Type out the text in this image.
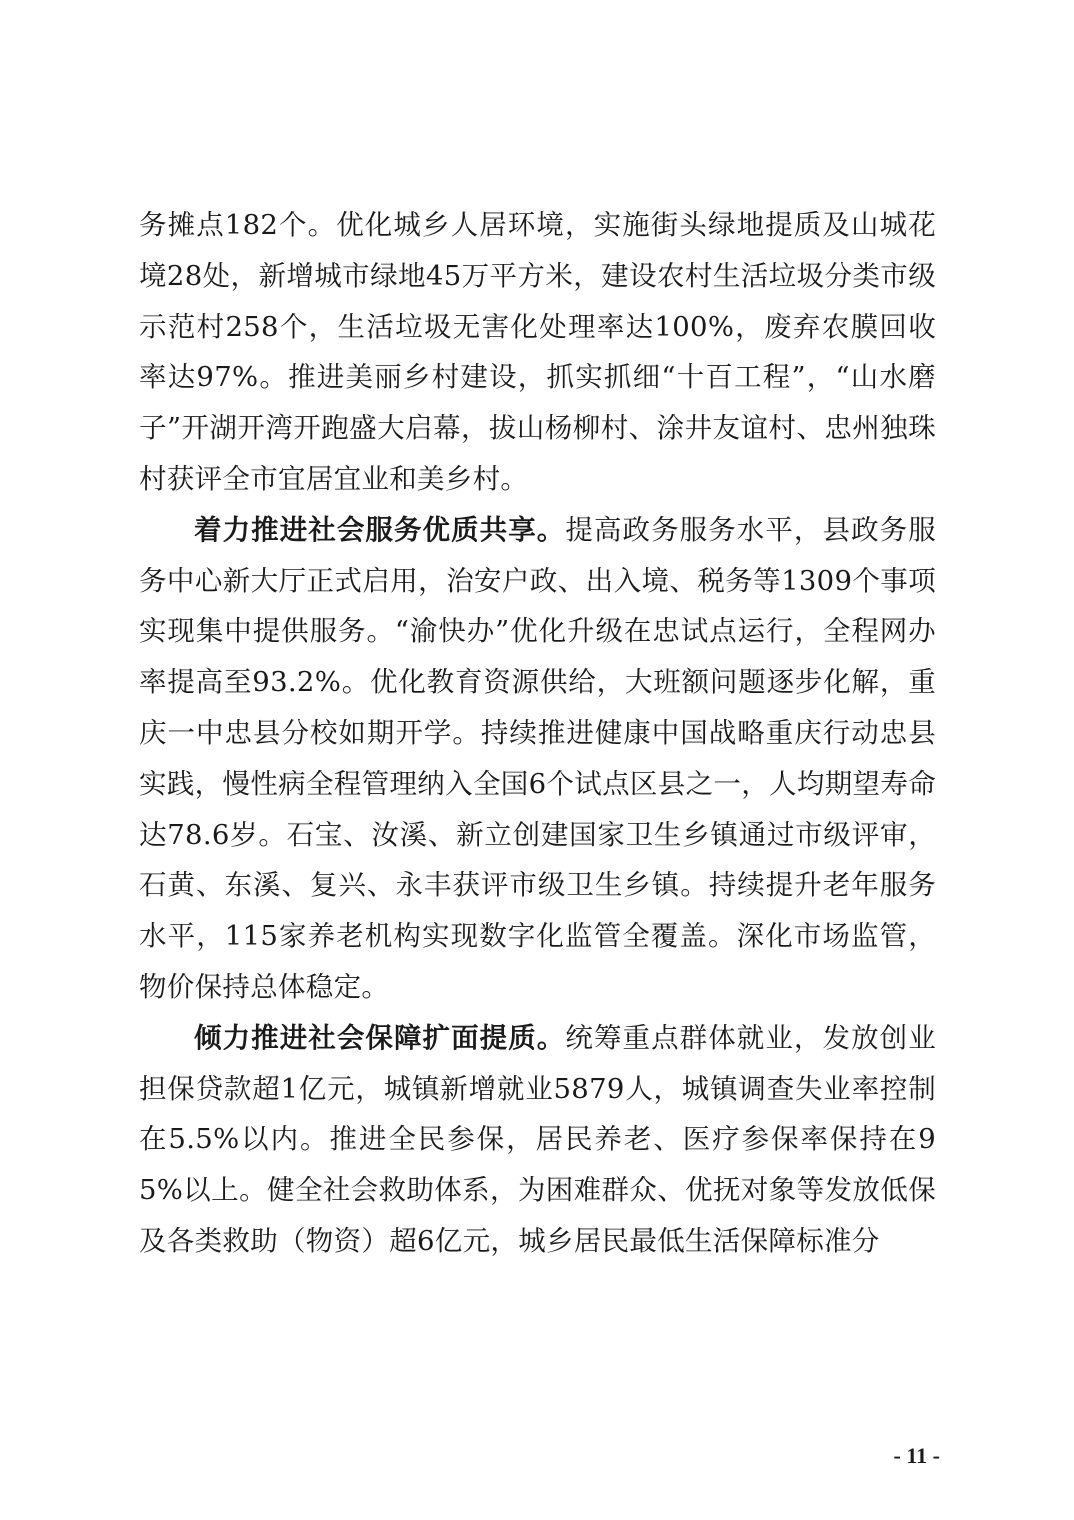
务摊点182个。优化城乡人居环境，实施街头绿地提质及山城花境28处，新增城市绿地45万平方米，建设农村生活垃圾分类市级示范村258个，生活垃圾无害化处理率达100%，废弃农膜回收率达97%。推进美丽乡村建设，抓实抓细“十百工程”，“山水磨子”开湖开湾开跑盛大启幕，拔山杨柳村、涂井友谊村、忠州独珠村获评全市宜居宜业和美乡村。

着力推进社会服务优质共享。提高政务服务水平，县政务服务中心新大厅正式启用，治安户政、出入境、税务等1309个事项实现集中提供服务。“渝快办”优化升级在忠试点运行，全程网办率提高至93.2%。优化教育资源供给，大班额问题逐步化解，重庆一中忠县分校如期开学。持续推进健康中国战略重庆行动忠县实践，慢性病全程管理纳入全国6个试点区县之一，人均期望寿命达78.6岁。石宝、汝溪、新立创建国家卫生乡镇通过市级评审，石黄、东溪、复兴、永丰获评市级卫生乡镇。持续提升老年服务水平，115家养老机构实现数字化监管全覆盖。深化市场监管，物价保持总体稳定。

倾力推进社会保障扩面提质。统筹重点群体就业，发放创业担保贷款超1亿元，城镇新增就业5879人，城镇调查失业率控制在5.5%以内。推进全民参保，居民养老、医疗参保率保持在95%以上。健全社会救助体系，为困难群众、优抚对象等发放低保及各类救助（物资）超6亿元，城乡居民最低生活保障标准分

- 11 -
